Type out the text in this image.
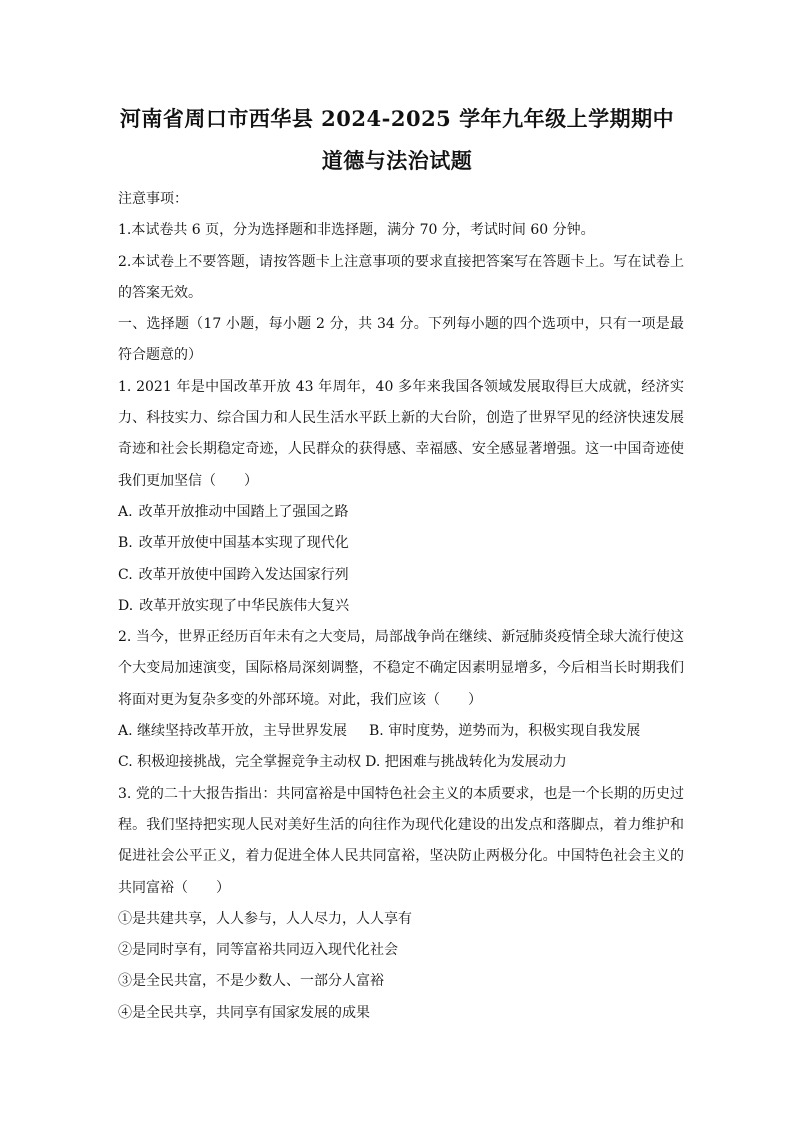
河南省周口市西华县 2024-2025 学年九年级上学期期中
道德与法治试题
注意事项：
1.本试卷共 6 页，分为选择题和非选择题，满分 70 分，考试时间 60 分钟。
2.本试卷上不要答题，请按答题卡上注意事项的要求直接把答案写在答题卡上。写在试卷上的答案无效。
一、选择题（17 小题，每小题 2 分，共 34 分。下列每小题的四个选项中，只有一项是最符合题意的）
1. 2021 年是中国改革开放 43 年周年，40 多年来我国各领域发展取得巨大成就，经济实力、科技实力、综合国力和人民生活水平跃上新的大台阶，创造了世界罕见的经济快速发展奇迹和社会长期稳定奇迹，人民群众的获得感、幸福感、安全感显著增强。这一中国奇迹使我们更加坚信（　　）
A. 改革开放推动中国踏上了强国之路
B. 改革开放使中国基本实现了现代化
C. 改革开放使中国跨入发达国家行列
D. 改革开放实现了中华民族伟大复兴
2. 当今，世界正经历百年未有之大变局，局部战争尚在继续、新冠肺炎疫情全球大流行使这个大变局加速演变，国际格局深刻调整，不稳定不确定因素明显增多，今后相当长时期我们将面对更为复杂多变的外部环境。对此，我们应该（　　）
A. 继续坚持改革开放，主导世界发展 B. 审时度势，逆势而为，积极实现自我发展
C. 积极迎接挑战，完全掌握竞争主动权 D. 把困难与挑战转化为发展动力
3. 党的二十大报告指出：共同富裕是中国特色社会主义的本质要求，也是一个长期的历史过程。我们坚持把实现人民对美好生活的向往作为现代化建设的出发点和落脚点，着力维护和促进社会公平正义，着力促进全体人民共同富裕，坚决防止两极分化。中国特色社会主义的共同富裕（　　）
①是共建共享，人人参与，人人尽力，人人享有
②是同时享有，同等富裕共同迈入现代化社会
③是全民共富，不是少数人、一部分人富裕
④是全民共享，共同享有国家发展的成果
